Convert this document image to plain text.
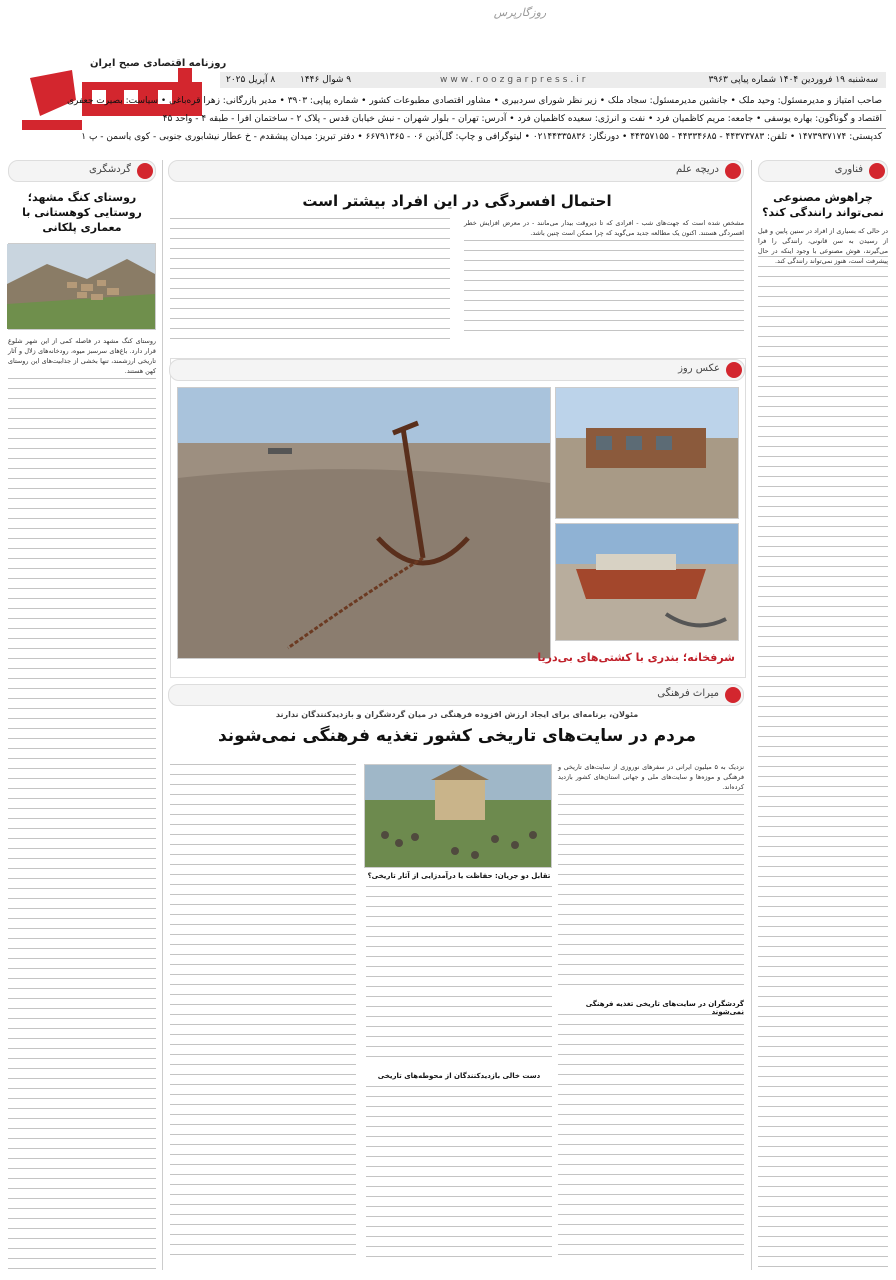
روزنامه اقتصادی صبح ایران
روزگارپرس
سه‌شنبه ۱۹ فروردین ۱۴۰۴ شماره پیاپی ۳۹۶۳
www.roozgarpress.ir
۹ شوال ۱۴۴۶
۸ آپریل ۲۰۲۵
صاحب امتیاز و مدیرمسئول: وحید ملک • جانشین مدیرمسئول: سجاد ملک • زیر نظر شورای سردبیری • مشاور اقتصادی مطبوعات کشور • شماره پیاپی: ۳۹۰۳ • مدیر بازرگانی: زهرا قره‌باغی • سیاست: بصیرت جعفری
اقتصاد و گوناگون: بهاره یوسفی • جامعه: مریم کاظمیان فرد • نفت و انرژی: سعیده کاظمیان فرد • آدرس: تهران - بلوار شهران - نبش خیابان قدس - پلاک ۲ - ساختمان افرا - طبقه ۴ - واحد ۴۵
کدپستی: ۱۴۷۳۹۳۷۱۷۴ • تلفن: ۴۴۳۷۳۷۸۳ - ۴۴۳۳۴۶۸۵ - ۴۴۳۵۷۱۵۵ • دورنگار: ۰۲۱۴۴۳۳۵۸۳۶ • لیتوگرافی و چاپ: گل‌آذین ۰۶ - ۶۶۷۹۱۳۶۵ • دفتر تبریز: میدان پیشقدم - خ عطار نیشابوری جنوبی - کوی یاسمن - پ ۱
فناوری
چراهوش مصنوعی نمی‌تواند رانندگی کند؟
در حالی که بسیاری از افراد در سنین پایین و قبل از رسیدن به سن قانونی، رانندگی را فرا می‌گیرند، هوش مصنوعی با وجود اینکه در حال پیشرفت است، هنوز نمی‌تواند رانندگی کند.
گردشگری
روستای کنگ مشهد؛ روستایی کوهستانی با معماری پلکانی
روستای کنگ مشهد در فاصله کمی از این شهر شلوغ قرار دارد. باغ‌های سرسبز میوه، رودخانه‌های زلال و آثار تاریخی ارزشمند، تنها بخشی از جذابیت‌های این روستای کهن هستند.
دریچه علم
احتمال افسردگی در این افراد بیشتر است
مشخص شده است که جهت‌های شب - افرادی که تا دیروقت بیدار می‌مانند - در معرض افزایش خطر افسردگی هستند. اکنون یک مطالعه جدید می‌گوید که چرا ممکن است چنین باشد.
عکس روز
شرفخانه؛ بندری با کشتی‌های بی‌دریا
میراث فرهنگی
مئولان، برنامه‌ای برای ایجاد ارزش افزوده فرهنگی در میان گردشگران و بازدیدکنندگان ندارند
مردم در سایت‌های تاریخی کشور تغذیه فرهنگی نمی‌شوند
نزدیک به ۵ میلیون ایرانی در سفرهای نوروزی از سایت‌های تاریخی و فرهنگی و موزه‌ها و سایت‌های ملی و جهانی استان‌های کشور بازدید کرده‌اند.
گردشگران در سایت‌های تاریخی تغذیه فرهنگی نمی‌شوند
تقابل دو جریان: حفاظت یا درآمدزایی از آثار تاریخی؟
دست خالی بازدیدکنندگان از محوطه‌های تاریخی
